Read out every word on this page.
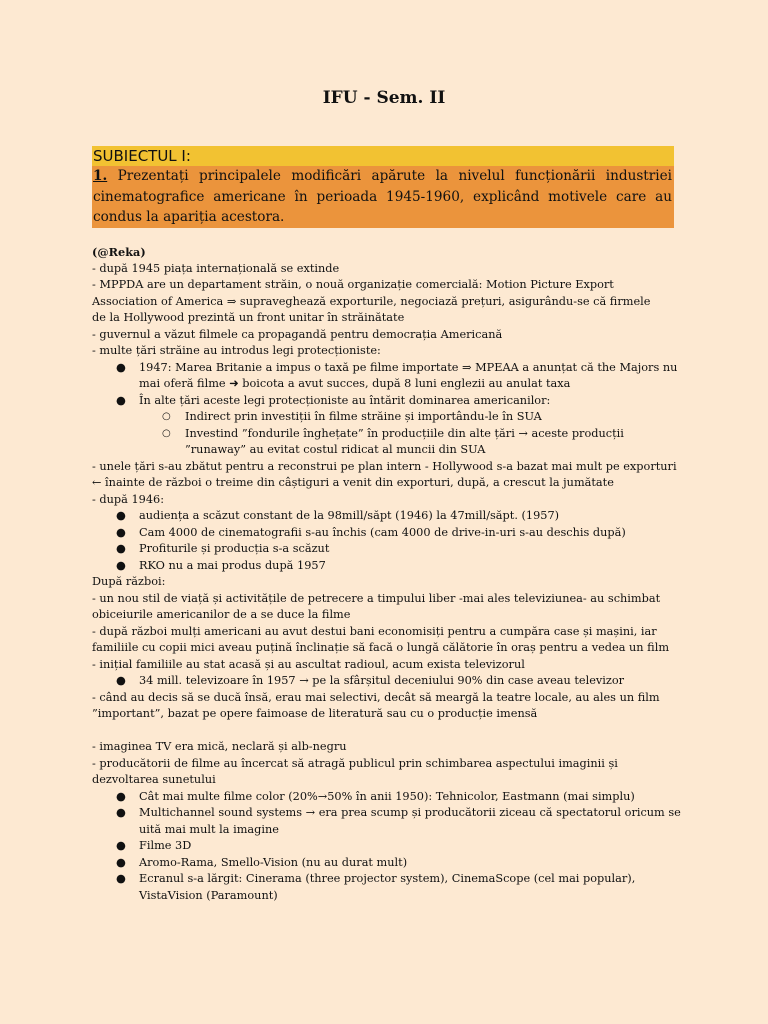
IFU - Sem. II
SUBIECTUL I:
1. Prezentați principalele modificări apărute la nivelul funcționării industriei cinematografice americane în perioada 1945-1960, explicând motivele care au condus la apariția acestora.
(@Reka)
- după 1945 piața internațională se extinde
- MPPDA are un departament străin, o nouă organizație comercială: Motion Picture Export
Association of America ⇒ supraveghează exporturile, negociază prețuri, asigurându-se că firmele
de la Hollywood prezintă un front unitar în străinătate
- guvernul a văzut filmele ca propagandă pentru democrația Americană
- multe țări străine au introdus legi protecționiste:
● 1947: Marea Britanie a impus o taxă pe filme importate ⇒ MPEAA a anunțat că the Majors nu mai oferă filme ➜ boicota a avut succes, după 8 luni englezii au anulat taxa
● În alte țări aceste legi protecționiste au întărit dominarea americanilor:
○ Indirect prin investiții în filme străine și importându-le în SUA
○ Investind ”fondurile înghețate” în producțiile din alte țări → aceste producții ”runaway” au evitat costul ridicat al muncii din SUA
- unele țări s-au zbătut pentru a reconstrui pe plan intern - Hollywood s-a bazat mai mult pe exporturi ← înainte de război o treime din câștiguri a venit din exporturi, după, a crescut la jumătate
- după 1946:
● audiența a scăzut constant de la 98mill/săpt (1946) la 47mill/săpt. (1957)
● Cam 4000 de cinematografii s-au închis (cam 4000 de drive-in-uri s-au deschis după)
● Profiturile și producția s-a scăzut
● RKO nu a mai produs după 1957
După război:
- un nou stil de viață și activitățile de petrecere a timpului liber -mai ales televiziunea- au schimbat obiceiurile americanilor de a se duce la filme
- după război mulți americani au avut destui bani economisiți pentru a cumpăra case și mașini, iar familiile cu copii mici aveau puțină înclinație să facă o lungă călătorie în oraș pentru a vedea un film
- inițial familiile au stat acasă și au ascultat radioul, acum exista televizorul
● 34 mill. televizoare în 1957 → pe la sfârșitul deceniului 90% din case aveau televizor
- când au decis să se ducă însă, erau mai selectivi, decât să meargă la teatre locale, au ales un film ”important”, bazat pe opere faimoase de literatură sau cu o producție imensă
- imaginea TV era mică, neclară și alb-negru
- producătorii de filme au încercat să atragă publicul prin schimbarea aspectului imaginii și dezvoltarea sunetului
● Cât mai multe filme color (20%→50% în anii 1950): Tehnicolor, Eastmann (mai simplu)
● Multichannel sound systems → era prea scump și producătorii ziceau că spectatorul oricum se uită mai mult la imagine
● Filme 3D
● Aromo-Rama, Smello-Vision (nu au durat mult)
● Ecranul s-a lărgit: Cinerama (three projector system), CinemaScope (cel mai popular), VistaVision (Paramount)
